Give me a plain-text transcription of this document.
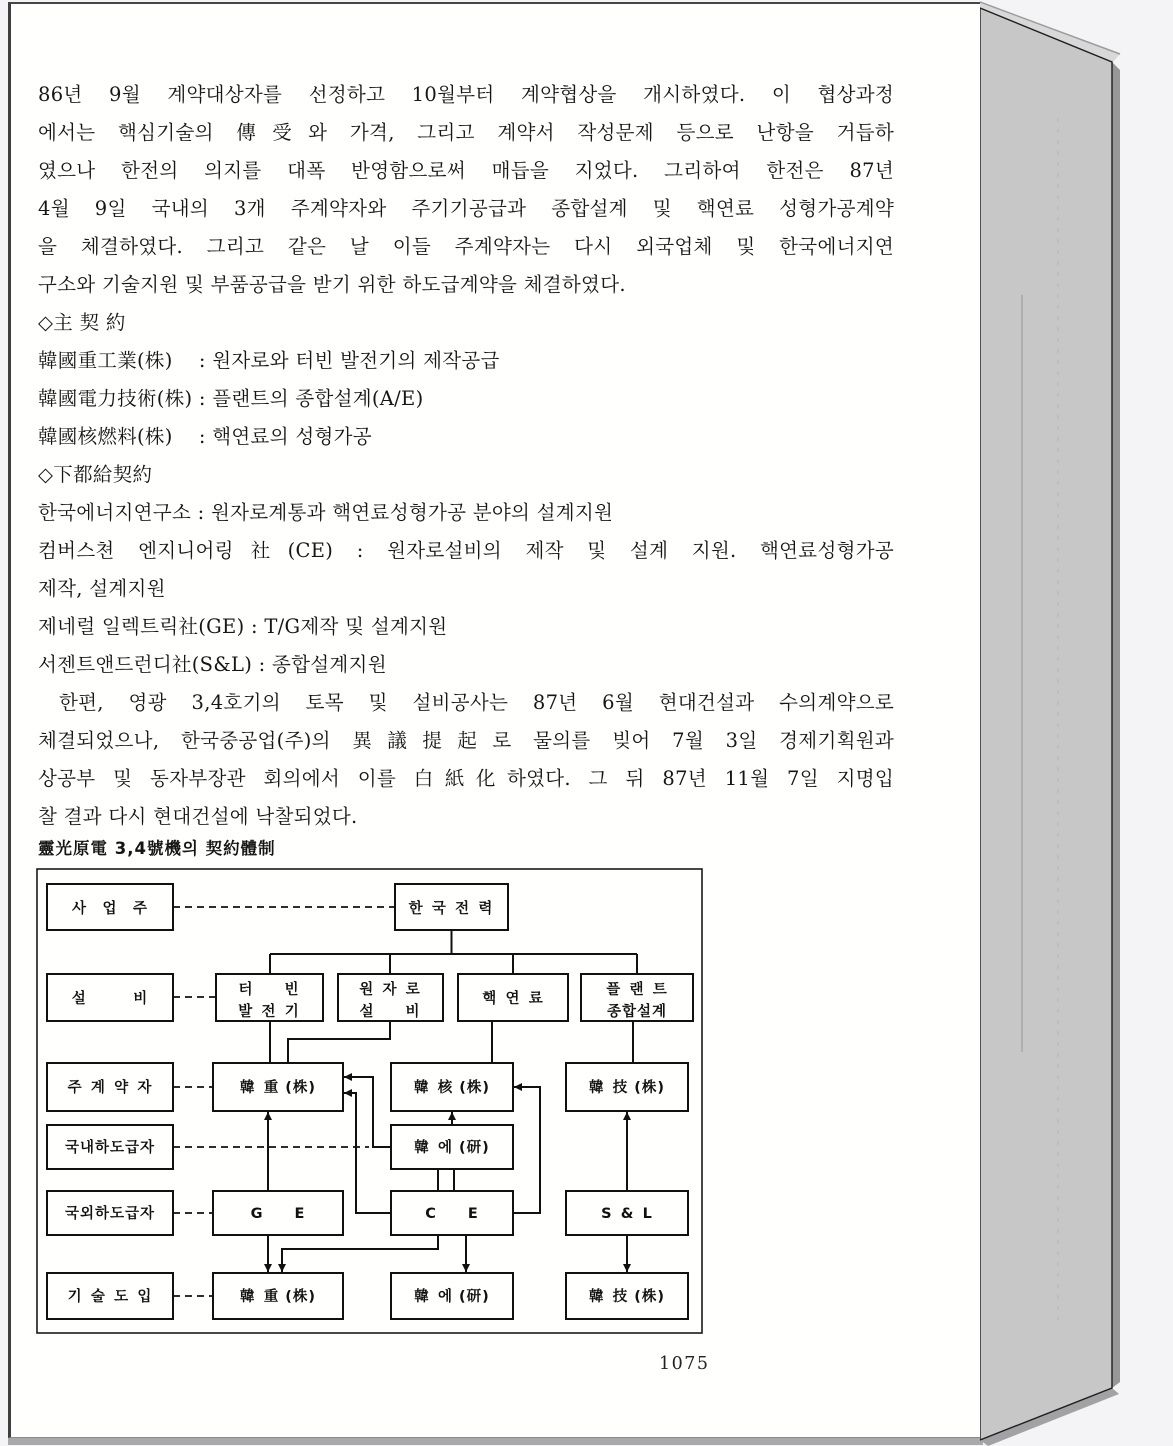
86년 9월 계약대상자를 선정하고 10월부터 계약협상을 개시하였다. 이 협상과정
에서는 핵심기술의 傳受와 가격, 그리고 계약서 작성문제 등으로 난항을 거듭하
였으나 한전의 의지를 대폭 반영함으로써 매듭을 지었다. 그리하여 한전은 87년
4월 9일 국내의 3개 주계약자와 주기기공급과 종합설계 및 핵연료 성형가공계약
을 체결하였다. 그리고 같은 날 이들 주계약자는 다시 외국업체 및 한국에너지연
구소와 기술지원 및 부품공급을 받기 위한 하도급계약을 체결하였다.
◇主 契 約
韓國重工業(株)　 : 원자로와 터빈 발전기의 제작공급
韓國電力技術(株) : 플랜트의 종합설계(A/E)
韓國核燃料(株)　 : 핵연료의 성형가공
◇下都給契約
한국에너지연구소 : 원자로계통과 핵연료성형가공 분야의 설계지원
컴버스쳔 엔지니어링社(CE) : 원자로설비의 제작 및 설계 지원. 핵연료성형가공
제작, 설계지원
제네럴 일렉트릭社(GE) : T/G제작 및 설계지원
서젠트앤드런디社(S&L) : 종합설계지원
한편, 영광 3,4호기의 토목 및 설비공사는 87년 6월 현대건설과 수의계약으로
체결되었으나, 한국중공업(주)의 異議提起로 물의를 빚어 7월 3일 경제기획원과
상공부 및 동자부장관 회의에서 이를 白紙化하였다. 그 뒤 87년 11월 7일 지명입
찰 결과 다시 현대건설에 낙찰되었다.
靈光原電 3,4號機의 契約體制
사 업 주	한 국 전 력
설   비
터  빈
발 전 기
원 자 로
설  비
핵 연 료
플 랜 트
종합설계
주 계 약 자	韓 重 (株)	韓 核 (株)	韓 技 (株)
국내하도급자	韓 에 (研)
국외하도급자	G  E	C  E	S & L
기 술 도 입	韓 重 (株)	韓 에 (研)	韓 技 (株)
1075
